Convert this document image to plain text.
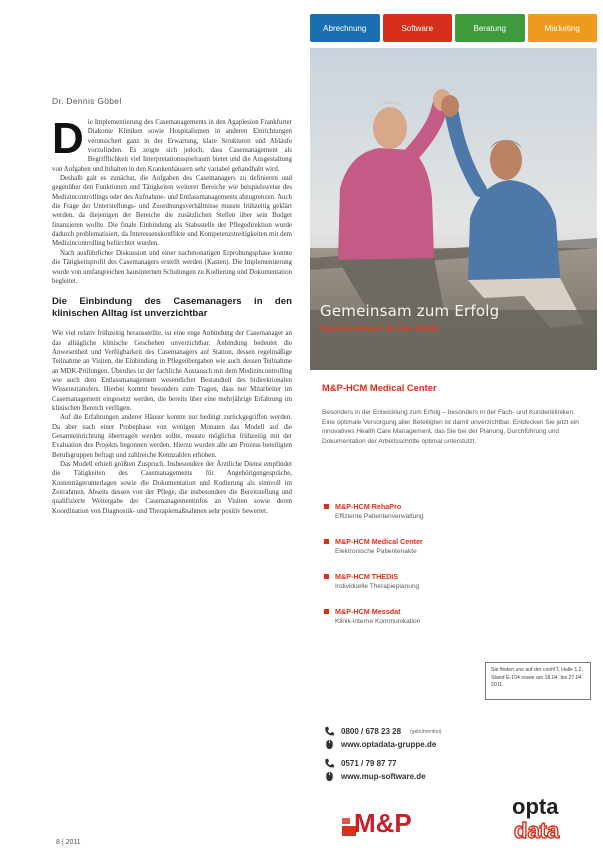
Dr. Dennis Göbel

Die Implementierung des Casemanagements in den Agaplesion Frankfurter Diakonie Kliniken sowie Hospitalismen in anderen Einrichtungen verunsichert ganz in der Erwartung, klare Strukturen und Abläufe vorzufinden. Es zeigte sich jedoch, dass Casemanagement als Begrifflichkeit viel Interpretationsspielraum bietet und die Ausgestaltung von Aufgaben und Inhalten in den Krankenhäusern sehr variabel gehandhabt wird.

Deshalb galt es zunächst, die Aufgaben des Casemanagers zu definieren und gegenüber den Funktionen und Tätigkeiten weiterer Bereiche wie beispielsweise des Medizincontrollings oder des Aufnahme- und Entlassmanagements abzugrenzen. Auch die Frage der Unterstellungs- und Zuordnungsverhältnisse musste frühzeitig geklärt werden, da diejenigen der Bereiche die zusätzlichen Stellen über sein Budget finanzieren wollte. Die finale Einbindung als Stabsstelle der Pflegedirektion wurde dadurch problematisiert, da Interessenskonflikte und Kompetenzstreitigkeiten mit dem Medizincontrolling befürchtet wurden.

Nach ausführlicher Diskussion und einer nachmonatigen Erprobungsphase konnte die Tätigkeitsprofil des Casemanagers erstellt werden (Kasten). Die Implementierung wurde von umfangreichen hausinternen Schulungen zu Kodierung und Dokumentation begleitet.

Die Einbindung des Casemanagers in den klinischen Alltag ist unverzichtbar

Wie viel relativ frühzeitig herausstellte, ist eine enge Anbindung der Casemanager an das alltägliche klinische Geschehen unverzichtbar. Anbindung bedeutet die Anwesenheit und Verfügbarkeit des Casemanagers auf Station, dessen regelmäßige Teilnahme an Visiten, die Einbindung in Pflegeübergaben wie auch dessen Teilnahme an MDK-Prüfungen. Überdies ist der fachliche Austausch mit dem Medizincontrolling wie auch dem Entlassmanagement wesentlicher Bestandteil des bidirektionalen Wissenstransfers. Hierbei kommt besonders zum Tragen, dass nur Mitarbeiter im Casemanagement eingesetzt werden, die bereits über eine mehrjährige Erfahrung im klinischen Bereich verfügen.

Auf die Erfahrungen anderer Häuser konnte nur bedingt zurückgegriffen werden. Da aber nach einer Probephase von wenigen Monaten das Modell auf die Gesamteinrichtung übertragen werden sollte, musste möglichst frühzeitig mit der Evaluation des Projekts begonnen werden. Hierzu wurden alle am Prozess beteiligten Berufsgruppen befragt und zahlreiche Kennzahlen erhoben.

Das Modell erhielt größten Zuspruch. Insbesondere der Ärztliche Dienst empfindet die Tätigkeiten des Casemanagements für Angehörigengespräche, Kostenträgerunterlagen sowie die Dokumentation und Kodierung als sinnvoll im Zeitrahmen. Abseits dessen von der Pflege, die insbesondere die Bereitstellung und qualifizierte Weitergabe der Casemanagementinfos an Visiten sowie deren Koordination von Diagnostik- und Therapiemaßnahmen sehr positiv bewertet.

8 | 2011
Abrechnung	Software	Beratung	Marketing
Gemeinsam zum Erfolg
Systemsoftware für Ihre Klinik
M&P-HCM Medical Center
Besonders in der Entwicklung zum Erfolg – besonders in der Fach- und Kundenkliniken. Eine optimale Versorgung aller Beteiligten ist damit unverzichtbar. Entdecken Sie jetzt ein innovatives Health Care Management, das Sie bei der Planung, Durchführung und Dokumentation der Arbeitsschritte optimal unterstützt.
M&P-HCM RehaPro
Effiziente Patientenverwaltung
M&P-HCM Medical Center
Elektronische Patientenakte
M&P-HCM THEDIS
Individuelle Therapieplanung
M&P-HCM Messdat
Klinik-interne Kommunikation
Sie finden uns auf der conhIT, Halle 1.2, Stand E-104 sowie am 18.04. bis 27.04. 2011.
0800 / 678 23 28 (gebührenfrei)
www.optadata-gruppe.de
0571 / 79 87 77
www.mup-software.de
M&P
opta
data
